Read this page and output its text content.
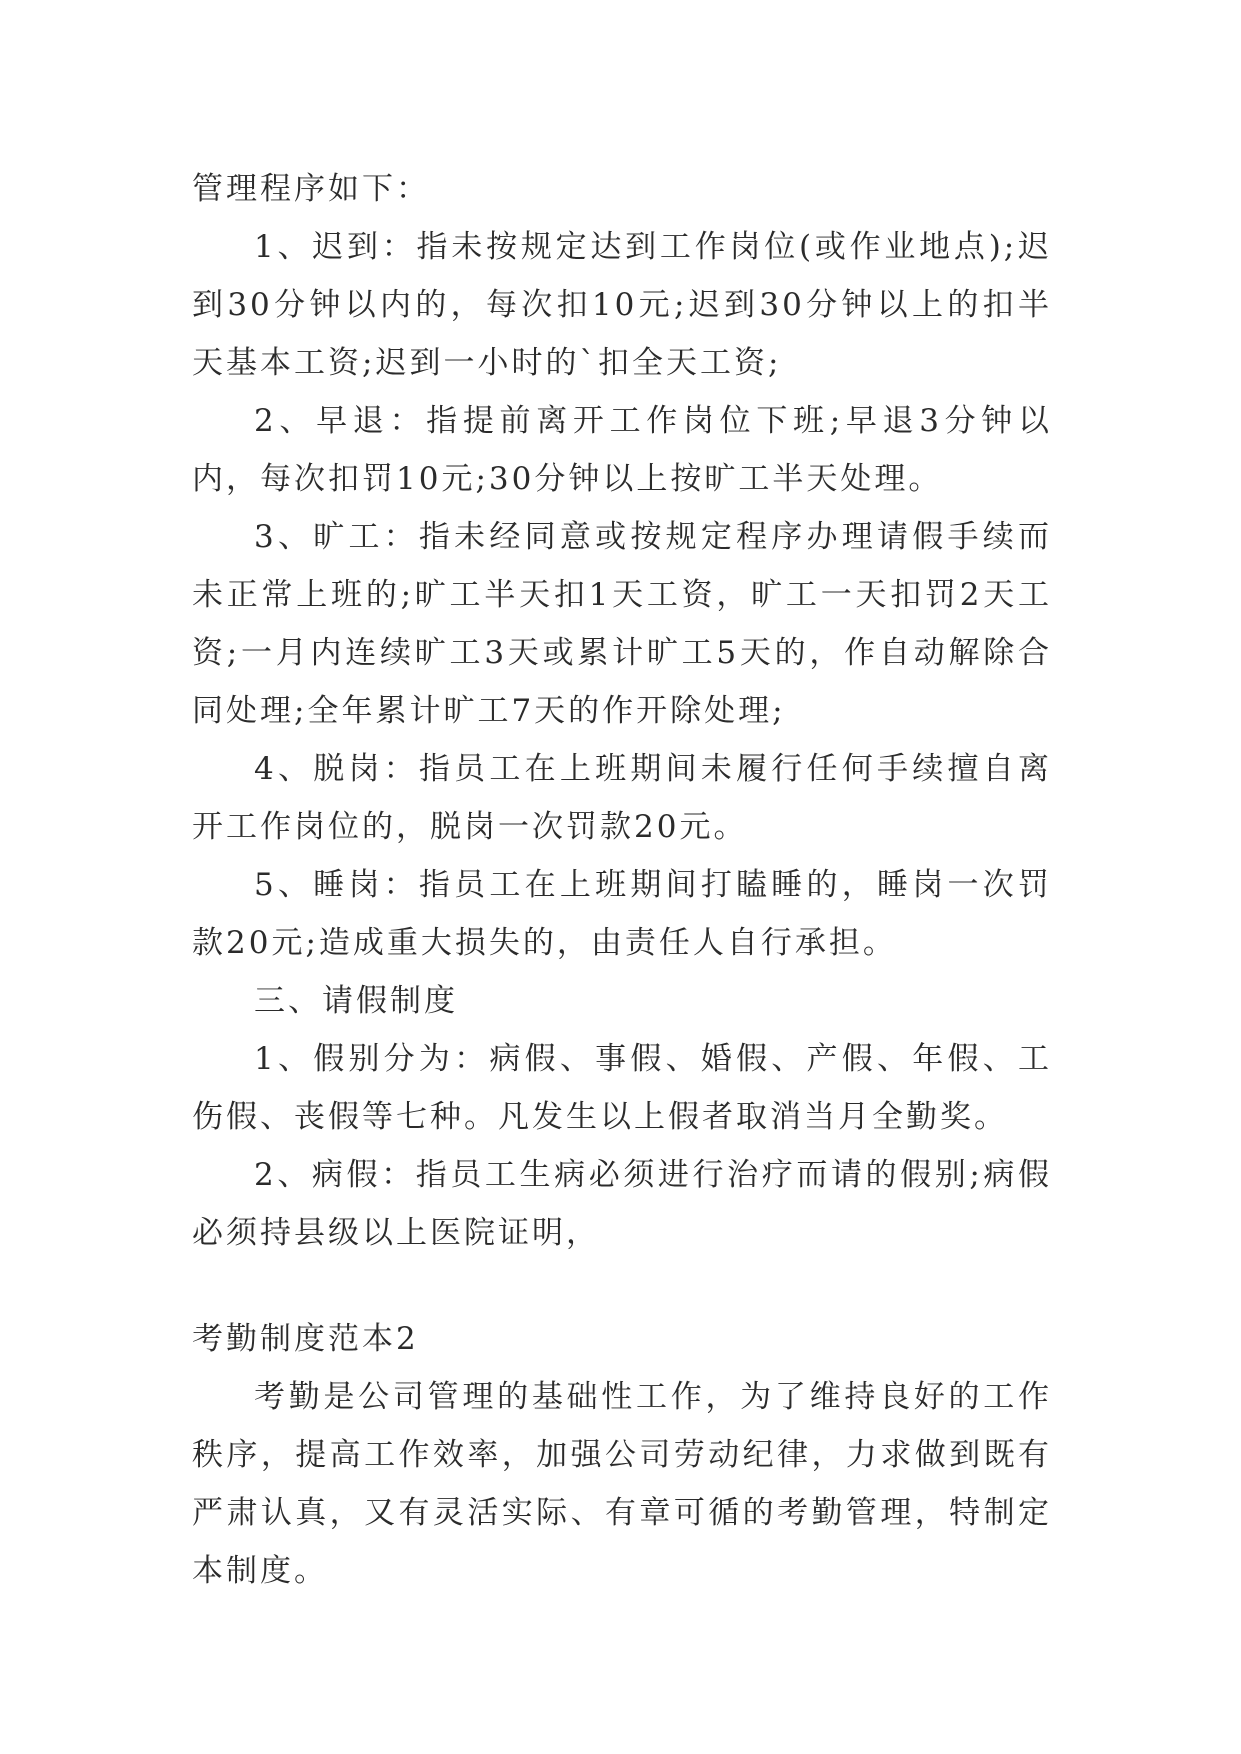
管理程序如下：

1、迟到：指未按规定达到工作岗位(或作业地点);迟到30分钟以内的，每次扣10元;迟到30分钟以上的扣半天基本工资;迟到一小时的`扣全天工资;

2、早退：指提前离开工作岗位下班;早退3分钟以内，每次扣罚10元;30分钟以上按旷工半天处理。

3、旷工：指未经同意或按规定程序办理请假手续而未正常上班的;旷工半天扣1天工资，旷工一天扣罚2天工资;一月内连续旷工3天或累计旷工5天的，作自动解除合同处理;全年累计旷工7天的作开除处理;

4、脱岗：指员工在上班期间未履行任何手续擅自离开工作岗位的，脱岗一次罚款20元。

5、睡岗：指员工在上班期间打瞌睡的，睡岗一次罚款20元;造成重大损失的，由责任人自行承担。

三、请假制度

1、假别分为：病假、事假、婚假、产假、年假、工伤假、丧假等七种。凡发生以上假者取消当月全勤奖。

2、病假：指员工生病必须进行治疗而请的假别;病假必须持县级以上医院证明，

考勤制度范本2

考勤是公司管理的基础性工作，为了维持良好的工作秩序，提高工作效率，加强公司劳动纪律，力求做到既有严肃认真，又有灵活实际、有章可循的考勤管理，特制定本制度。
